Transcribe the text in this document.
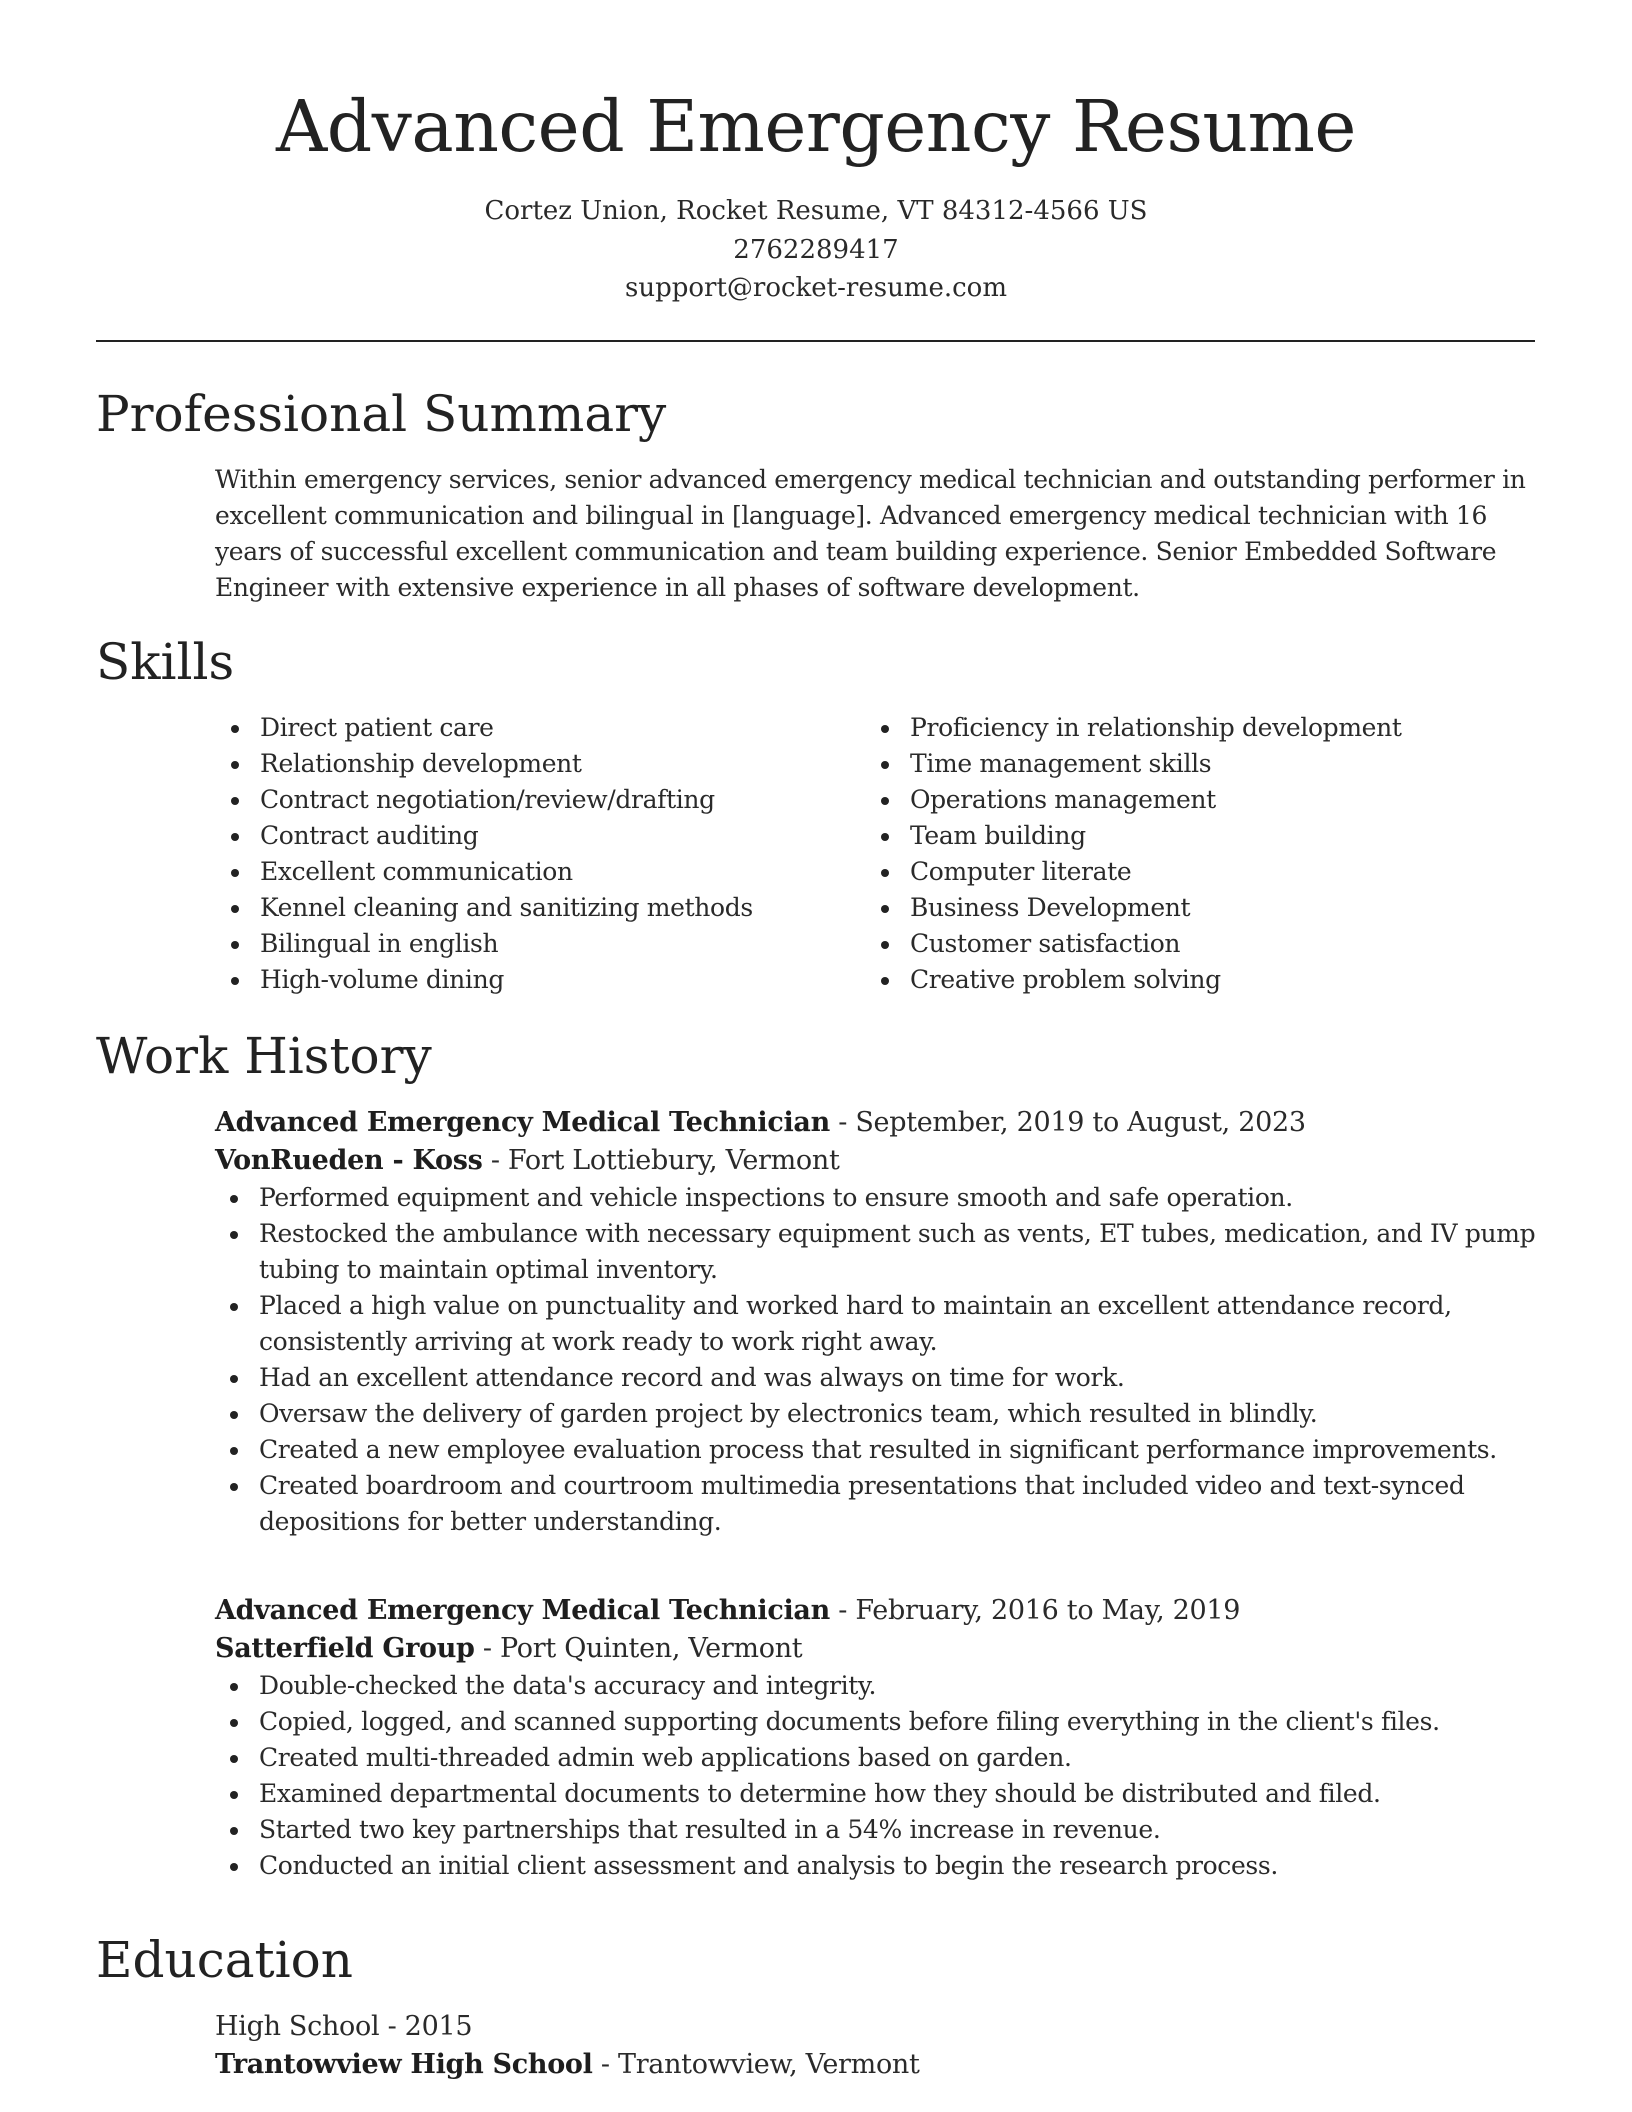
Advanced Emergency Resume
Cortez Union, Rocket Resume, VT 84312-4566 US
2762289417
support@rocket-resume.com
Professional Summary

Within emergency services, senior advanced emergency medical technician and outstanding performer in excellent communication and bilingual in [language]. Advanced emergency medical technician with 16 years of successful excellent communication and team building experience. Senior Embedded Software Engineer with extensive experience in all phases of software development.

Skills
Direct patient care
Relationship development
Contract negotiation/review/drafting
Contract auditing
Excellent communication
Kennel cleaning and sanitizing methods
Bilingual in english
High-volume dining
Proficiency in relationship development
Time management skills
Operations management
Team building
Computer literate
Business Development
Customer satisfaction
Creative problem solving
Work History
Advanced Emergency Medical Technician - September, 2019 to August, 2023
VonRueden - Koss - Fort Lottiebury, Vermont
Performed equipment and vehicle inspections to ensure smooth and safe operation.
Restocked the ambulance with necessary equipment such as vents, ET tubes, medication, and IV pump tubing to maintain optimal inventory.
Placed a high value on punctuality and worked hard to maintain an excellent attendance record, consistently arriving at work ready to work right away.
Had an excellent attendance record and was always on time for work.
Oversaw the delivery of garden project by electronics team, which resulted in blindly.
Created a new employee evaluation process that resulted in significant performance improvements.
Created boardroom and courtroom multimedia presentations that included video and text-synced depositions for better understanding.
Advanced Emergency Medical Technician - February, 2016 to May, 2019
Satterfield Group - Port Quinten, Vermont
Double-checked the data's accuracy and integrity.
Copied, logged, and scanned supporting documents before filing everything in the client's files.
Created multi-threaded admin web applications based on garden.
Examined departmental documents to determine how they should be distributed and filed.
Started two key partnerships that resulted in a 54% increase in revenue.
Conducted an initial client assessment and analysis to begin the research process.
Education
High School - 2015
Trantowview High School - Trantowview, Vermont
